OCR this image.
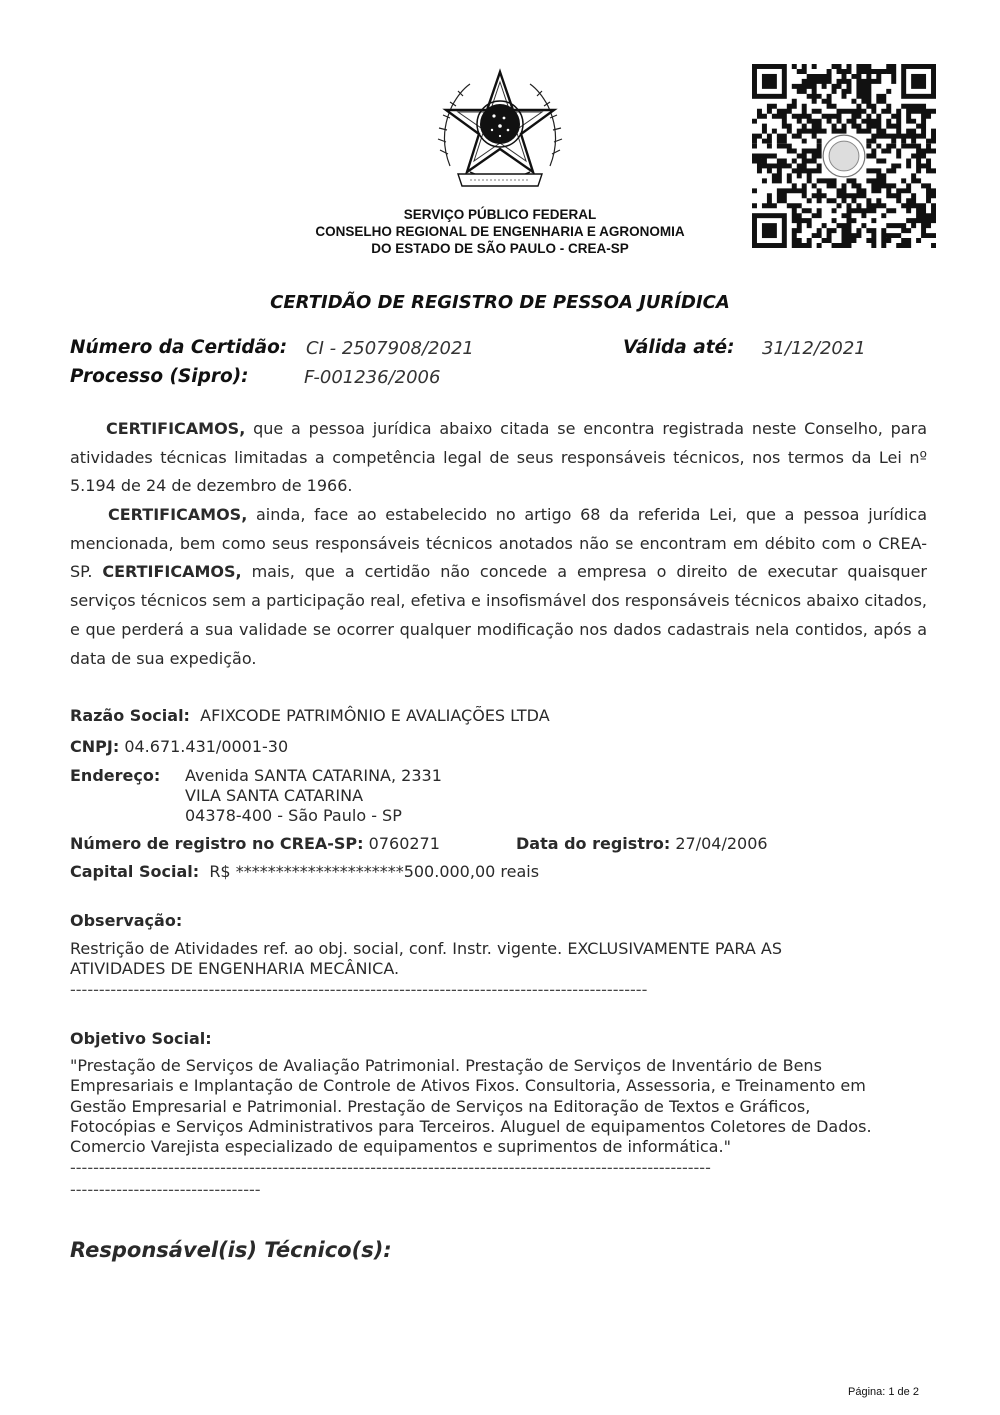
SERVIÇO PÚBLICO FEDERAL
CONSELHO REGIONAL DE ENGENHARIA E AGRONOMIA
DO ESTADO DE SÃO PAULO - CREA-SP
CERTIDÃO DE REGISTRO DE PESSOA JURÍDICA
Número da Certidão: CI - 2507908/2021	Válida até: 31/12/2021
Processo (Sipro):	F-001236/2006
CERTIFICAMOS, que a pessoa jurídica abaixo citada se encontra registrada neste Conselho, para atividades técnicas limitadas a competência legal de seus responsáveis técnicos, nos termos da Lei nº 5.194 de 24 de dezembro de 1966.
CERTIFICAMOS, ainda, face ao estabelecido no artigo 68 da referida Lei, que a pessoa jurídica mencionada, bem como seus responsáveis técnicos anotados não se encontram em débito com o CREA-SP. CERTIFICAMOS, mais, que a certidão não concede a empresa o direito de executar quaisquer serviços técnicos sem a participação real, efetiva e insofismável dos responsáveis técnicos abaixo citados, e que perderá a sua validade se ocorrer qualquer modificação nos dados cadastrais nela contidos, após a data de sua expedição.
Razão Social: AFIXCODE PATRIMÔNIO E AVALIAÇÕES LTDA
CNPJ: 04.671.431/0001-30
Endereço: Avenida SANTA CATARINA, 2331
VILA SANTA CATARINA
04378-400 - São Paulo - SP
Número de registro no CREA-SP: 0760271	Data do registro: 27/04/2006
Capital Social: R$ *********************500.000,00 reais
Observação:
Restrição de Atividades ref. ao obj. social, conf. Instr. vigente. EXCLUSIVAMENTE PARA AS
ATIVIDADES DE ENGENHARIA MECÂNICA.
----------------------------------------------------------------------------------------------------
Objetivo Social:
"Prestação de Serviços de Avaliação Patrimonial. Prestação de Serviços de Inventário de Bens
Empresariais e Implantação de Controle de Ativos Fixos. Consultoria, Assessoria, e Treinamento em
Gestão Empresarial e Patrimonial. Prestação de Serviços na Editoração de Textos e Gráficos,
Fotocópias e Serviços Administrativos para Terceiros. Aluguel de equipamentos Coletores de Dados.
Comercio Varejista especializado de equipamentos e suprimentos de informática."
---------------------------------------------------------------------------------------------------------------
---------------------------------
Responsável(is) Técnico(s):
Página: 1 de 2
